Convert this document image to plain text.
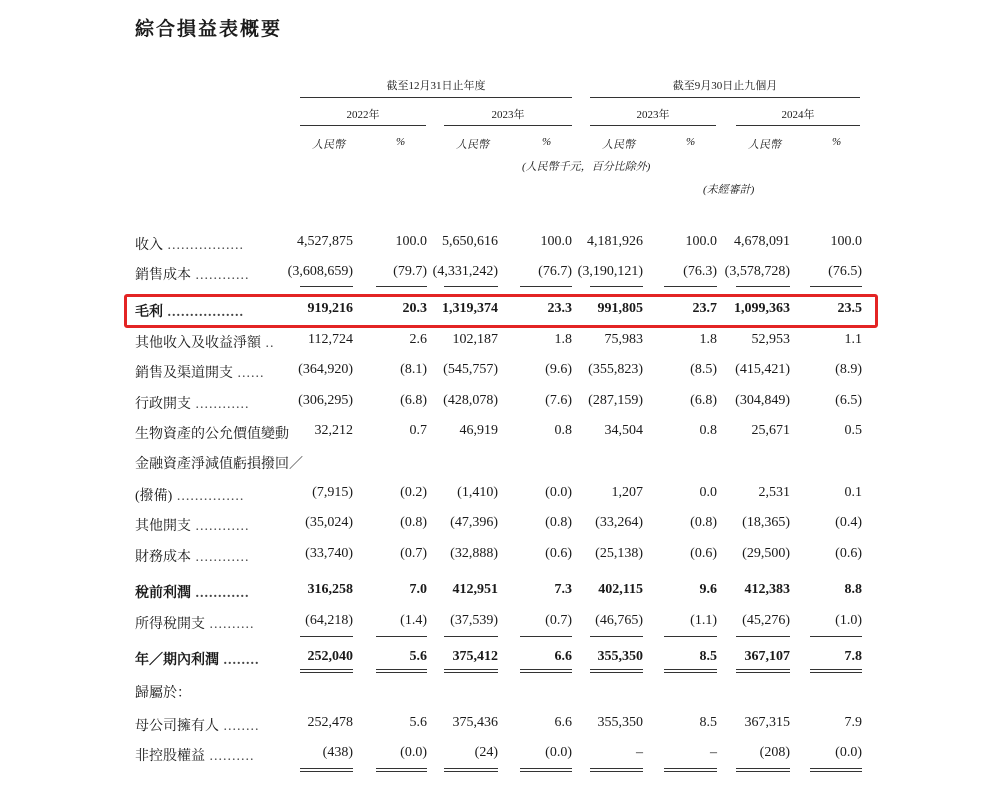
綜合損益表概要
截至12月31日止年度	截至9月30日止九個月
2022年	2023年	2023年	2024年
人民幣	%	人民幣	%	人民幣	%	人民幣	%
(人民幣千元，百分比除外)
(未經審計)
收入 .................	4,527,875	100.0 5,650,616	100.0 4,181,926	100.0 4,678,091	100.0
銷售成本 ............	(3,608,659)	(79.7) (4,331,242)	(76.7) (3,190,121)	(76.3) (3,578,728)	(76.5)
毛利 .................	919,216	20.3 1,319,374	23.3 991,805	23.7 1,099,363	23.5
其他收入及收益淨額 .. 112,724	2.6 102,187	1.8 75,983	1.8 52,953	1.1
銷售及渠道開支 ...... (364,920)	(8.1) (545,757)	(9.6) (355,823)	(8.5) (415,421)	(8.9)
行政開支 ............	(306,295)	(6.8) (428,078)	(7.6) (287,159)	(6.8) (304,849)	(6.5)
生物資產的公允價值變動 32,212	0.7 46,919	0.8 34,504	0.8 25,671	0.5
金融資產淨減值虧損撥回／
(撥備) ...............	(7,915)	(0.2) (1,410)	(0.0)	1,207	0.0	2,531	0.1
其他開支 ............	(35,024)	(0.8) (47,396)	(0.8) (33,264)	(0.8) (18,365)	(0.4)
財務成本 ............	(33,740)	(0.7) (32,888)	(0.6) (25,138)	(0.6) (29,500)	(0.6)
稅前利潤 ............	316,258	7.0 412,951	7.3 402,115	9.6 412,383	8.8
所得稅開支 ..........	(64,218)	(1.4) (37,539)	(0.7) (46,765)	(1.1) (45,276)	(1.0)
年／期內利潤 ........	252,040	5.6 375,412	6.6 355,350	8.5 367,107	7.8
歸屬於：
母公司擁有人 ........	252,478	5.6 375,436	6.6 355,350	8.5 367,315	7.9
非控股權益 ..........	(438)	(0.0)	(24)	(0.0)	–	–	(208)	(0.0)
